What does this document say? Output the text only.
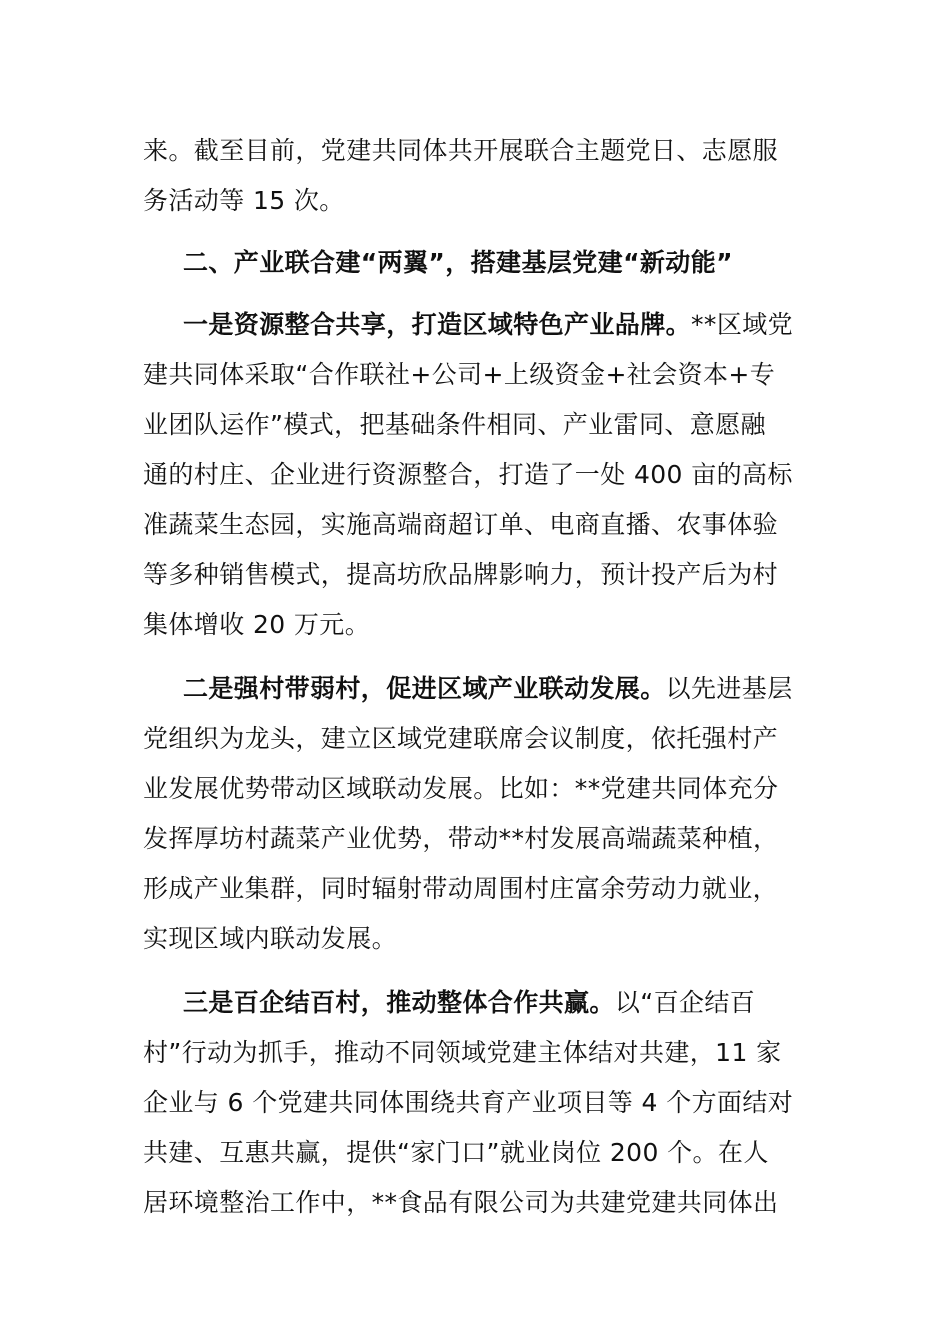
来。截至目前，党建共同体共开展联合主题党日、志愿服
务活动等 15 次。
二、产业联合建“两翼”，搭建基层党建“新动能”
一是资源整合共享，打造区域特色产业品牌。**区域党
建共同体采取“合作联社+公司+上级资金+社会资本+专
业团队运作”模式，把基础条件相同、产业雷同、意愿融
通的村庄、企业进行资源整合，打造了一处 400 亩的高标
准蔬菜生态园，实施高端商超订单、电商直播、农事体验
等多种销售模式，提高坊欣品牌影响力，预计投产后为村
集体增收 20 万元。
二是强村带弱村，促进区域产业联动发展。以先进基层
党组织为龙头，建立区域党建联席会议制度，依托强村产
业发展优势带动区域联动发展。比如：**党建共同体充分
发挥厚坊村蔬菜产业优势，带动**村发展高端蔬菜种植，
形成产业集群，同时辐射带动周围村庄富余劳动力就业，
实现区域内联动发展。
三是百企结百村，推动整体合作共赢。以“百企结百
村”行动为抓手，推动不同领域党建主体结对共建，11 家
企业与 6 个党建共同体围绕共育产业项目等 4 个方面结对
共建、互惠共赢，提供“家门口”就业岗位 200 个。在人
居环境整治工作中，**食品有限公司为共建党建共同体出
